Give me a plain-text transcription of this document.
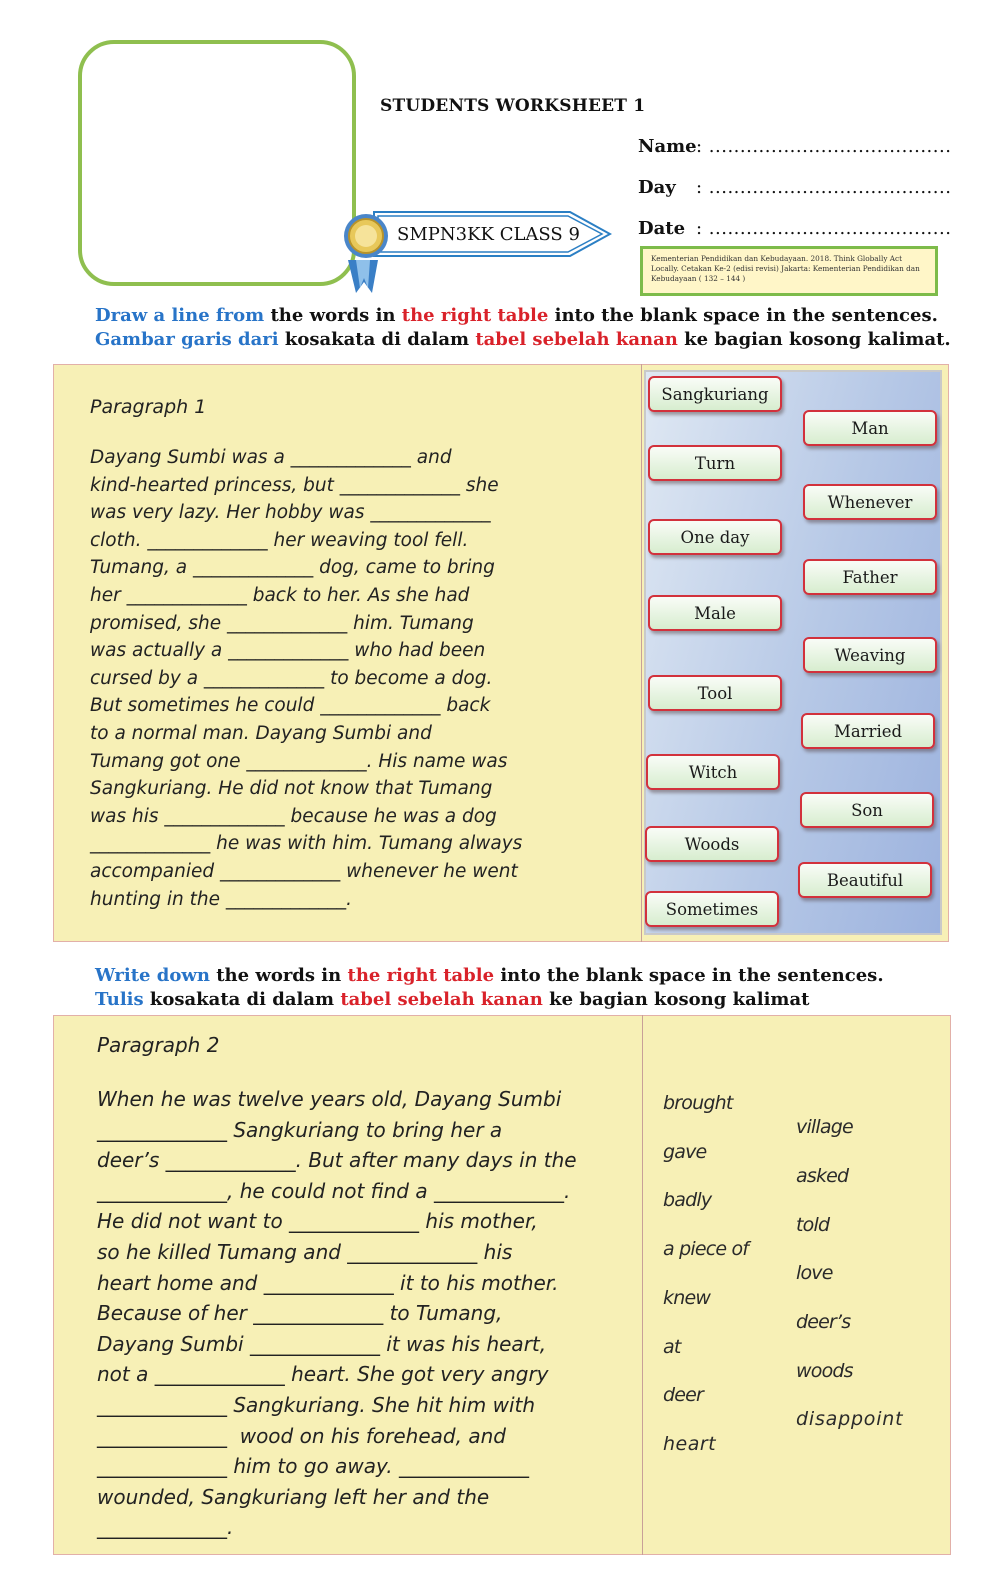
STUDENTS WORKSHEET 1
Name: .......................................
Day : .......................................
Date : .......................................
SMPN3KK CLASS 9
Kementerian Pendidikan dan Kebudayaan. 2018. Think Globally Act Locally. Cetakan Ke-2 (edisi revisi) Jakarta: Kementerian Pendidikan dan Kebudayaan ( 132 – 144 )
Draw a line from the words in the right table into the blank space in the sentences.
Gambar garis dari kosakata di dalam tabel sebelah kanan ke bagian kosong kalimat.
Paragraph 1
Dayang Sumbi was a _____________ and
kind-hearted princess, but _____________ she
was very lazy. Her hobby was _____________
cloth. _____________ her weaving tool fell.
Tumang, a _____________ dog, came to bring
her _____________ back to her. As she had
promised, she _____________ him. Tumang
was actually a _____________ who had been
cursed by a _____________ to become a dog.
But sometimes he could _____________ back
to a normal man. Dayang Sumbi and
Tumang got one _____________. His name was
Sangkuriang. He did not know that Tumang
was his _____________ because he was a dog
_____________ he was with him. Tumang always
accompanied _____________ whenever he went
hunting in the _____________.
Sangkuriang
Turn
One day
Male
Tool
Witch
Woods
Sometimes
Man
Whenever
Father
Weaving
Married
Son
Beautiful
Write down the words in the right table into the blank space in the sentences.
Tulis kosakata di dalam tabel sebelah kanan ke bagian kosong kalimat
Paragraph 2
When he was twelve years old, Dayang Sumbi
_____________ Sangkuriang to bring her a
deer’s _____________. But after many days in the
_____________, he could not find a _____________.
He did not want to _____________ his mother,
so he killed Tumang and _____________ his
heart home and _____________ it to his mother.
Because of her _____________ to Tumang,
Dayang Sumbi _____________ it was his heart,
not a _____________ heart. She got very angry
_____________ Sangkuriang. She hit him with
_____________  wood on his forehead, and
_____________ him to go away. _____________
wounded, Sangkuriang left her and the
_____________.
brought
gave
badly
a piece of
knew
at
deer
heart
village
asked
told
love
deer’s
woods
disappoint
